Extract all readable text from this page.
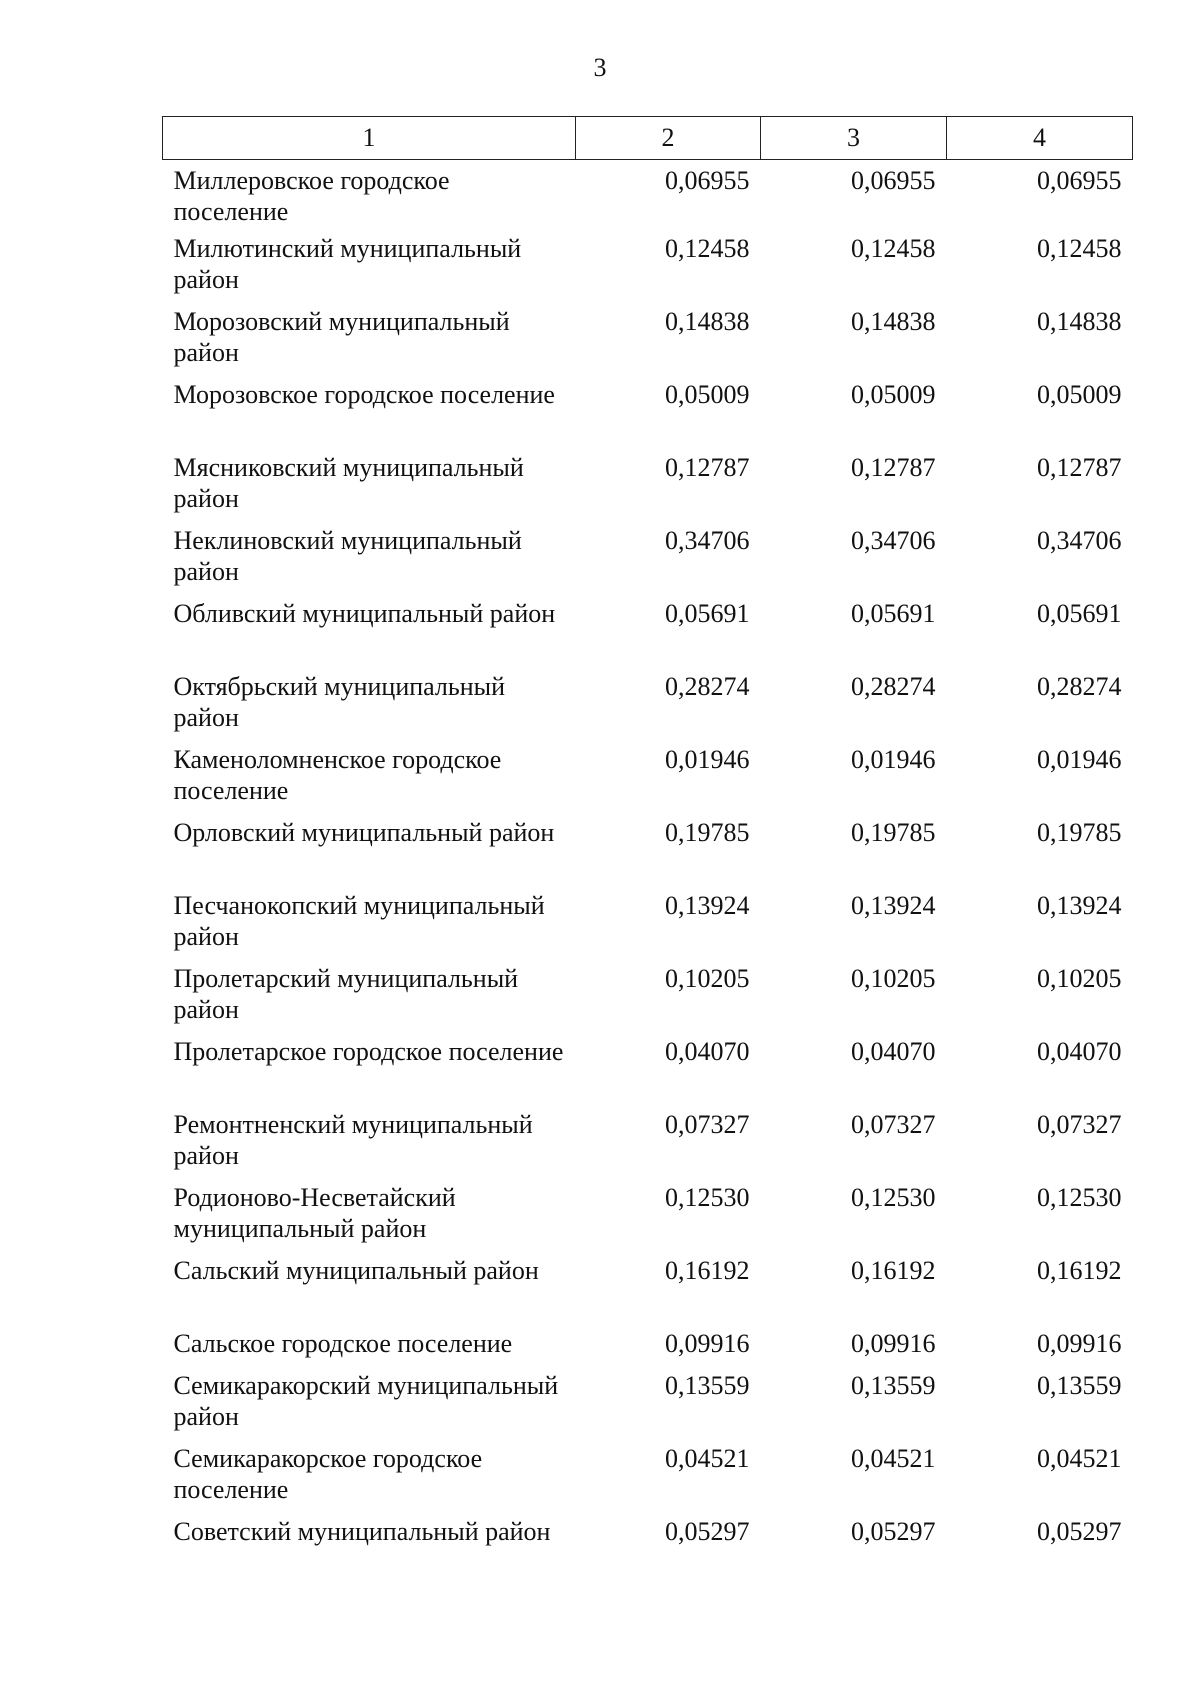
3
1	2	3	4
Миллеровское городское поселение	0,06955	0,06955	0,06955
Милютинский муниципальный район	0,12458	0,12458	0,12458
Морозовский муниципальный район	0,14838	0,14838	0,14838
Морозовское городское поселение	0,05009	0,05009	0,05009
Мясниковский муниципальный район	0,12787	0,12787	0,12787
Неклиновский муниципальный район	0,34706	0,34706	0,34706
Обливский муниципальный район	0,05691	0,05691	0,05691
Октябрьский муниципальный район	0,28274	0,28274	0,28274
Каменоломненское городское поселение	0,01946	0,01946	0,01946
Орловский муниципальный район	0,19785	0,19785	0,19785
Песчанокопский муниципальный район	0,13924	0,13924	0,13924
Пролетарский муниципальный район	0,10205	0,10205	0,10205
Пролетарское городское поселение	0,04070	0,04070	0,04070
Ремонтненский муниципальный район	0,07327	0,07327	0,07327
Родионово-Несветайский муниципальный район	0,12530	0,12530	0,12530
Сальский муниципальный район	0,16192	0,16192	0,16192
Сальское городское поселение	0,09916	0,09916	0,09916
Семикаракорский муниципальный район	0,13559	0,13559	0,13559
Семикаракорское городское поселение	0,04521	0,04521	0,04521
Советский муниципальный район	0,05297	0,05297	0,05297
